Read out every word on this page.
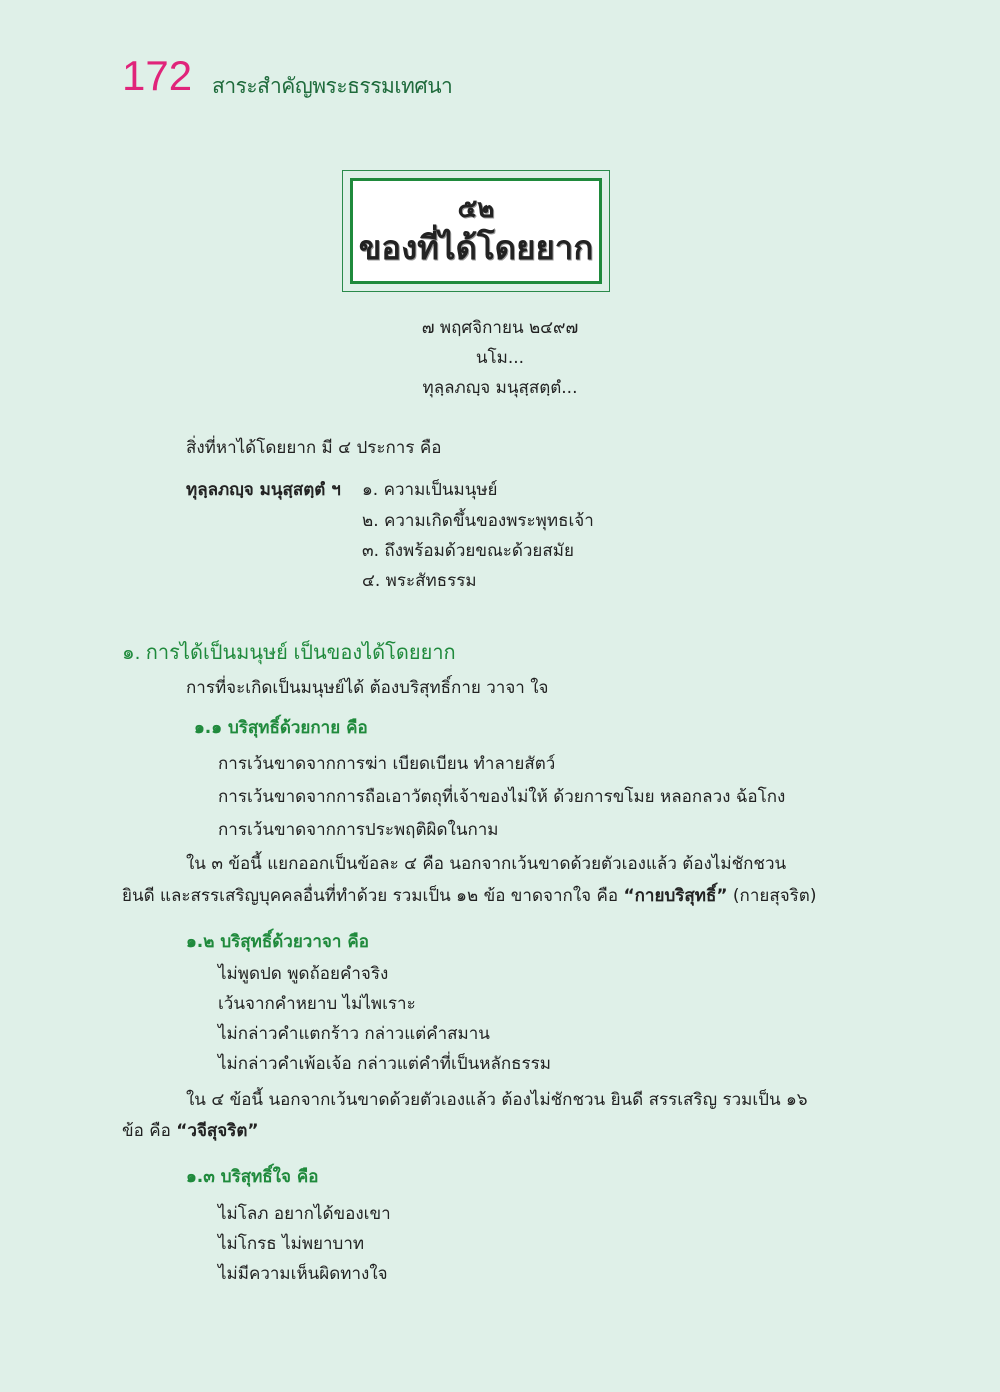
172 สาระสำคัญพระธรรมเทศนา
๕๒
ของที่ได้โดยยาก
๗ พฤศจิกายน ๒๔๙๗
นโม...
ทุลฺลภญฺจ มนุสฺสตฺตํ...
สิ่งที่หาได้โดยยาก มี ๔ ประการ คือ
ทุลฺลภญฺจ มนุสฺสตฺตํ ฯ ๑. ความเป็นมนุษย์
๒. ความเกิดขึ้นของพระพุทธเจ้า
๓. ถึงพร้อมด้วยขณะด้วยสมัย
๔. พระสัทธรรม
๑. การได้เป็นมนุษย์ เป็นของได้โดยยาก
การที่จะเกิดเป็นมนุษย์ได้ ต้องบริสุทธิ์กาย วาจา ใจ
๑.๑ บริสุทธิ์ด้วยกาย คือ
การเว้นขาดจากการฆ่า เบียดเบียน ทำลายสัตว์
การเว้นขาดจากการถือเอาวัตถุที่เจ้าของไม่ให้ ด้วยการขโมย หลอกลวง ฉ้อโกง
การเว้นขาดจากการประพฤติผิดในกาม
ใน ๓ ข้อนี้ แยกออกเป็นข้อละ ๔ คือ นอกจากเว้นขาดด้วยตัวเองแล้ว ต้องไม่ชักชวน
ยินดี และสรรเสริญบุคคลอื่นที่ทำด้วย รวมเป็น ๑๒ ข้อ ขาดจากใจ คือ “กายบริสุทธิ์” (กายสุจริต)
๑.๒ บริสุทธิ์ด้วยวาจา คือ
ไม่พูดปด พูดถ้อยคำจริง
เว้นจากคำหยาบ ไม่ไพเราะ
ไม่กล่าวคำแตกร้าว กล่าวแต่คำสมาน
ไม่กล่าวคำเพ้อเจ้อ กล่าวแต่คำที่เป็นหลักธรรม
ใน ๔ ข้อนี้ นอกจากเว้นขาดด้วยตัวเองแล้ว ต้องไม่ชักชวน ยินดี สรรเสริญ รวมเป็น ๑๖
ข้อ คือ “วจีสุจริต”
๑.๓ บริสุทธิ์ใจ คือ
ไม่โลภ อยากได้ของเขา
ไม่โกรธ ไม่พยาบาท
ไม่มีความเห็นผิดทางใจ
